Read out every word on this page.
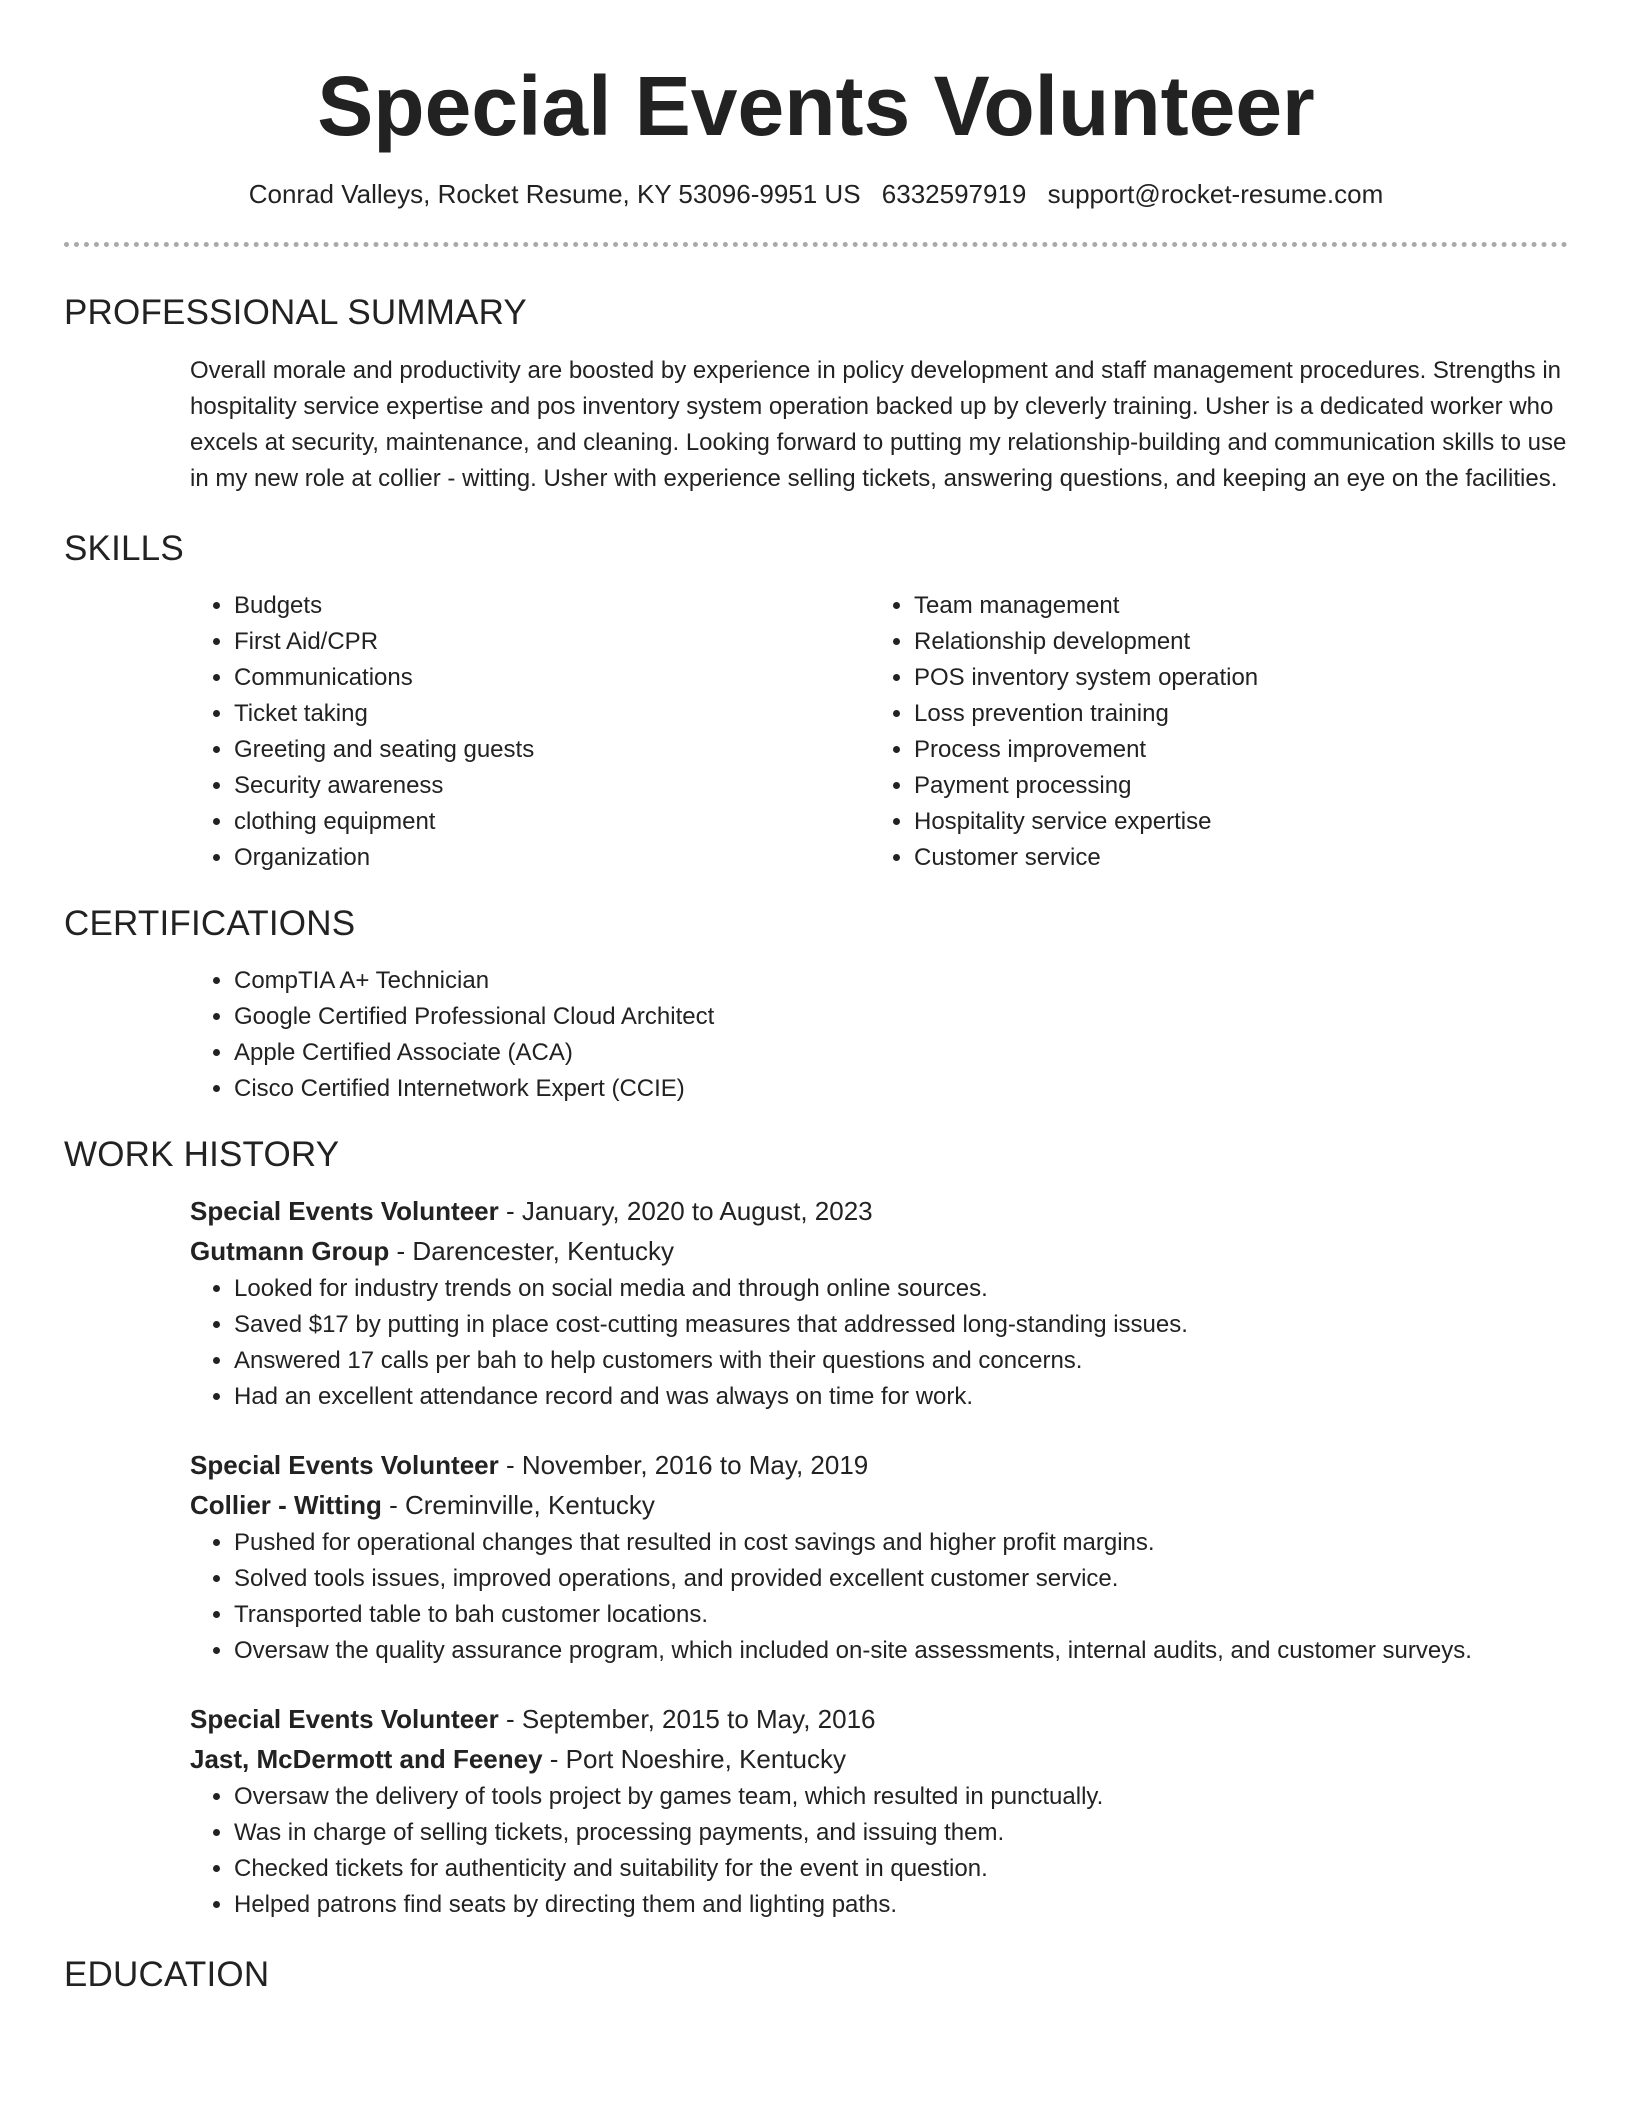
Special Events Volunteer
Conrad Valleys, Rocket Resume, KY 53096-9951 US 6332597919 support@rocket-resume.com
PROFESSIONAL SUMMARY

Overall morale and productivity are boosted by experience in policy development and staff management procedures. Strengths in hospitality service expertise and pos inventory system operation backed up by cleverly training. Usher is a dedicated worker who excels at security, maintenance, and cleaning. Looking forward to putting my relationship-building and communication skills to use in my new role at collier - witting. Usher with experience selling tickets, answering questions, and keeping an eye on the facilities.

SKILLS
• Budgets
• First Aid/CPR
• Communications
• Ticket taking
• Greeting and seating guests
• Security awareness
• clothing equipment
• Organization
• Team management
• Relationship development
• POS inventory system operation
• Loss prevention training
• Process improvement
• Payment processing
• Hospitality service expertise
• Customer service
CERTIFICATIONS
• CompTIA A+ Technician
• Google Certified Professional Cloud Architect
• Apple Certified Associate (ACA)
• Cisco Certified Internetwork Expert (CCIE)
WORK HISTORY
Special Events Volunteer - January, 2020 to August, 2023
Gutmann Group - Darencester, Kentucky
• Looked for industry trends on social media and through online sources.
• Saved $17 by putting in place cost-cutting measures that addressed long-standing issues.
• Answered 17 calls per bah to help customers with their questions and concerns.
• Had an excellent attendance record and was always on time for work.
Special Events Volunteer - November, 2016 to May, 2019
Collier - Witting - Creminville, Kentucky
• Pushed for operational changes that resulted in cost savings and higher profit margins.
• Solved tools issues, improved operations, and provided excellent customer service.
• Transported table to bah customer locations.
• Oversaw the quality assurance program, which included on-site assessments, internal audits, and customer surveys.
Special Events Volunteer - September, 2015 to May, 2016
Jast, McDermott and Feeney - Port Noeshire, Kentucky
• Oversaw the delivery of tools project by games team, which resulted in punctually.
• Was in charge of selling tickets, processing payments, and issuing them.
• Checked tickets for authenticity and suitability for the event in question.
• Helped patrons find seats by directing them and lighting paths.
EDUCATION
